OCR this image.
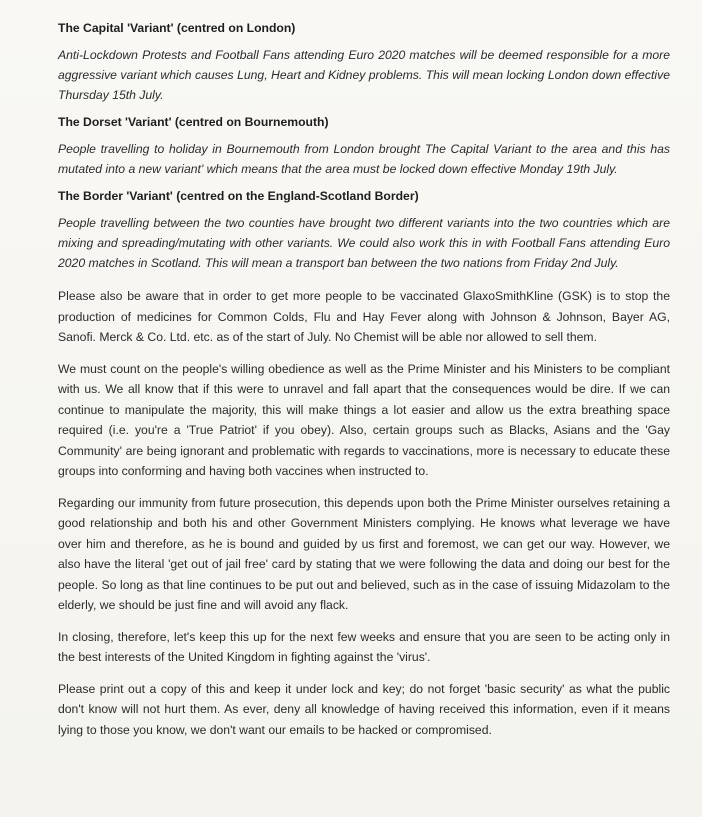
The Capital 'Variant' (centred on London)
Anti-Lockdown Protests and Football Fans attending Euro 2020 matches will be deemed responsible for a more aggressive variant which causes Lung, Heart and Kidney problems. This will mean locking London down effective Thursday 15th July.
The Dorset 'Variant' (centred on Bournemouth)
People travelling to holiday in Bournemouth from London brought The Capital Variant to the area and this has mutated into a new variant' which means that the area must be locked down effective Monday 19th July.
The Border 'Variant' (centred on the England-Scotland Border)
People travelling between the two counties have brought two different variants into the two countries which are mixing and spreading/mutating with other variants. We could also work this in with Football Fans attending Euro 2020 matches in Scotland. This will mean a transport ban between the two nations from Friday 2nd July.
Please also be aware that in order to get more people to be vaccinated GlaxoSmithKline (GSK) is to stop the production of medicines for Common Colds, Flu and Hay Fever along with Johnson & Johnson, Bayer AG, Sanofi. Merck & Co. Ltd. etc. as of the start of July. No Chemist will be able nor allowed to sell them.
We must count on the people's willing obedience as well as the Prime Minister and his Ministers to be compliant with us. We all know that if this were to unravel and fall apart that the consequences would be dire. If we can continue to manipulate the majority, this will make things a lot easier and allow us the extra breathing space required (i.e. you're a 'True Patriot' if you obey). Also, certain groups such as Blacks, Asians and the 'Gay Community' are being ignorant and problematic with regards to vaccinations, more is necessary to educate these groups into conforming and having both vaccines when instructed to.
Regarding our immunity from future prosecution, this depends upon both the Prime Minister ourselves retaining a good relationship and both his and other Government Ministers complying. He knows what leverage we have over him and therefore, as he is bound and guided by us first and foremost, we can get our way. However, we also have the literal 'get out of jail free' card by stating that we were following the data and doing our best for the people. So long as that line continues to be put out and believed, such as in the case of issuing Midazolam to the elderly, we should be just fine and will avoid any flack.
In closing, therefore, let's keep this up for the next few weeks and ensure that you are seen to be acting only in the best interests of the United Kingdom in fighting against the 'virus'.
Please print out a copy of this and keep it under lock and key; do not forget 'basic security' as what the public don't know will not hurt them. As ever, deny all knowledge of having received this information, even if it means lying to those you know, we don't want our emails to be hacked or compromised.
